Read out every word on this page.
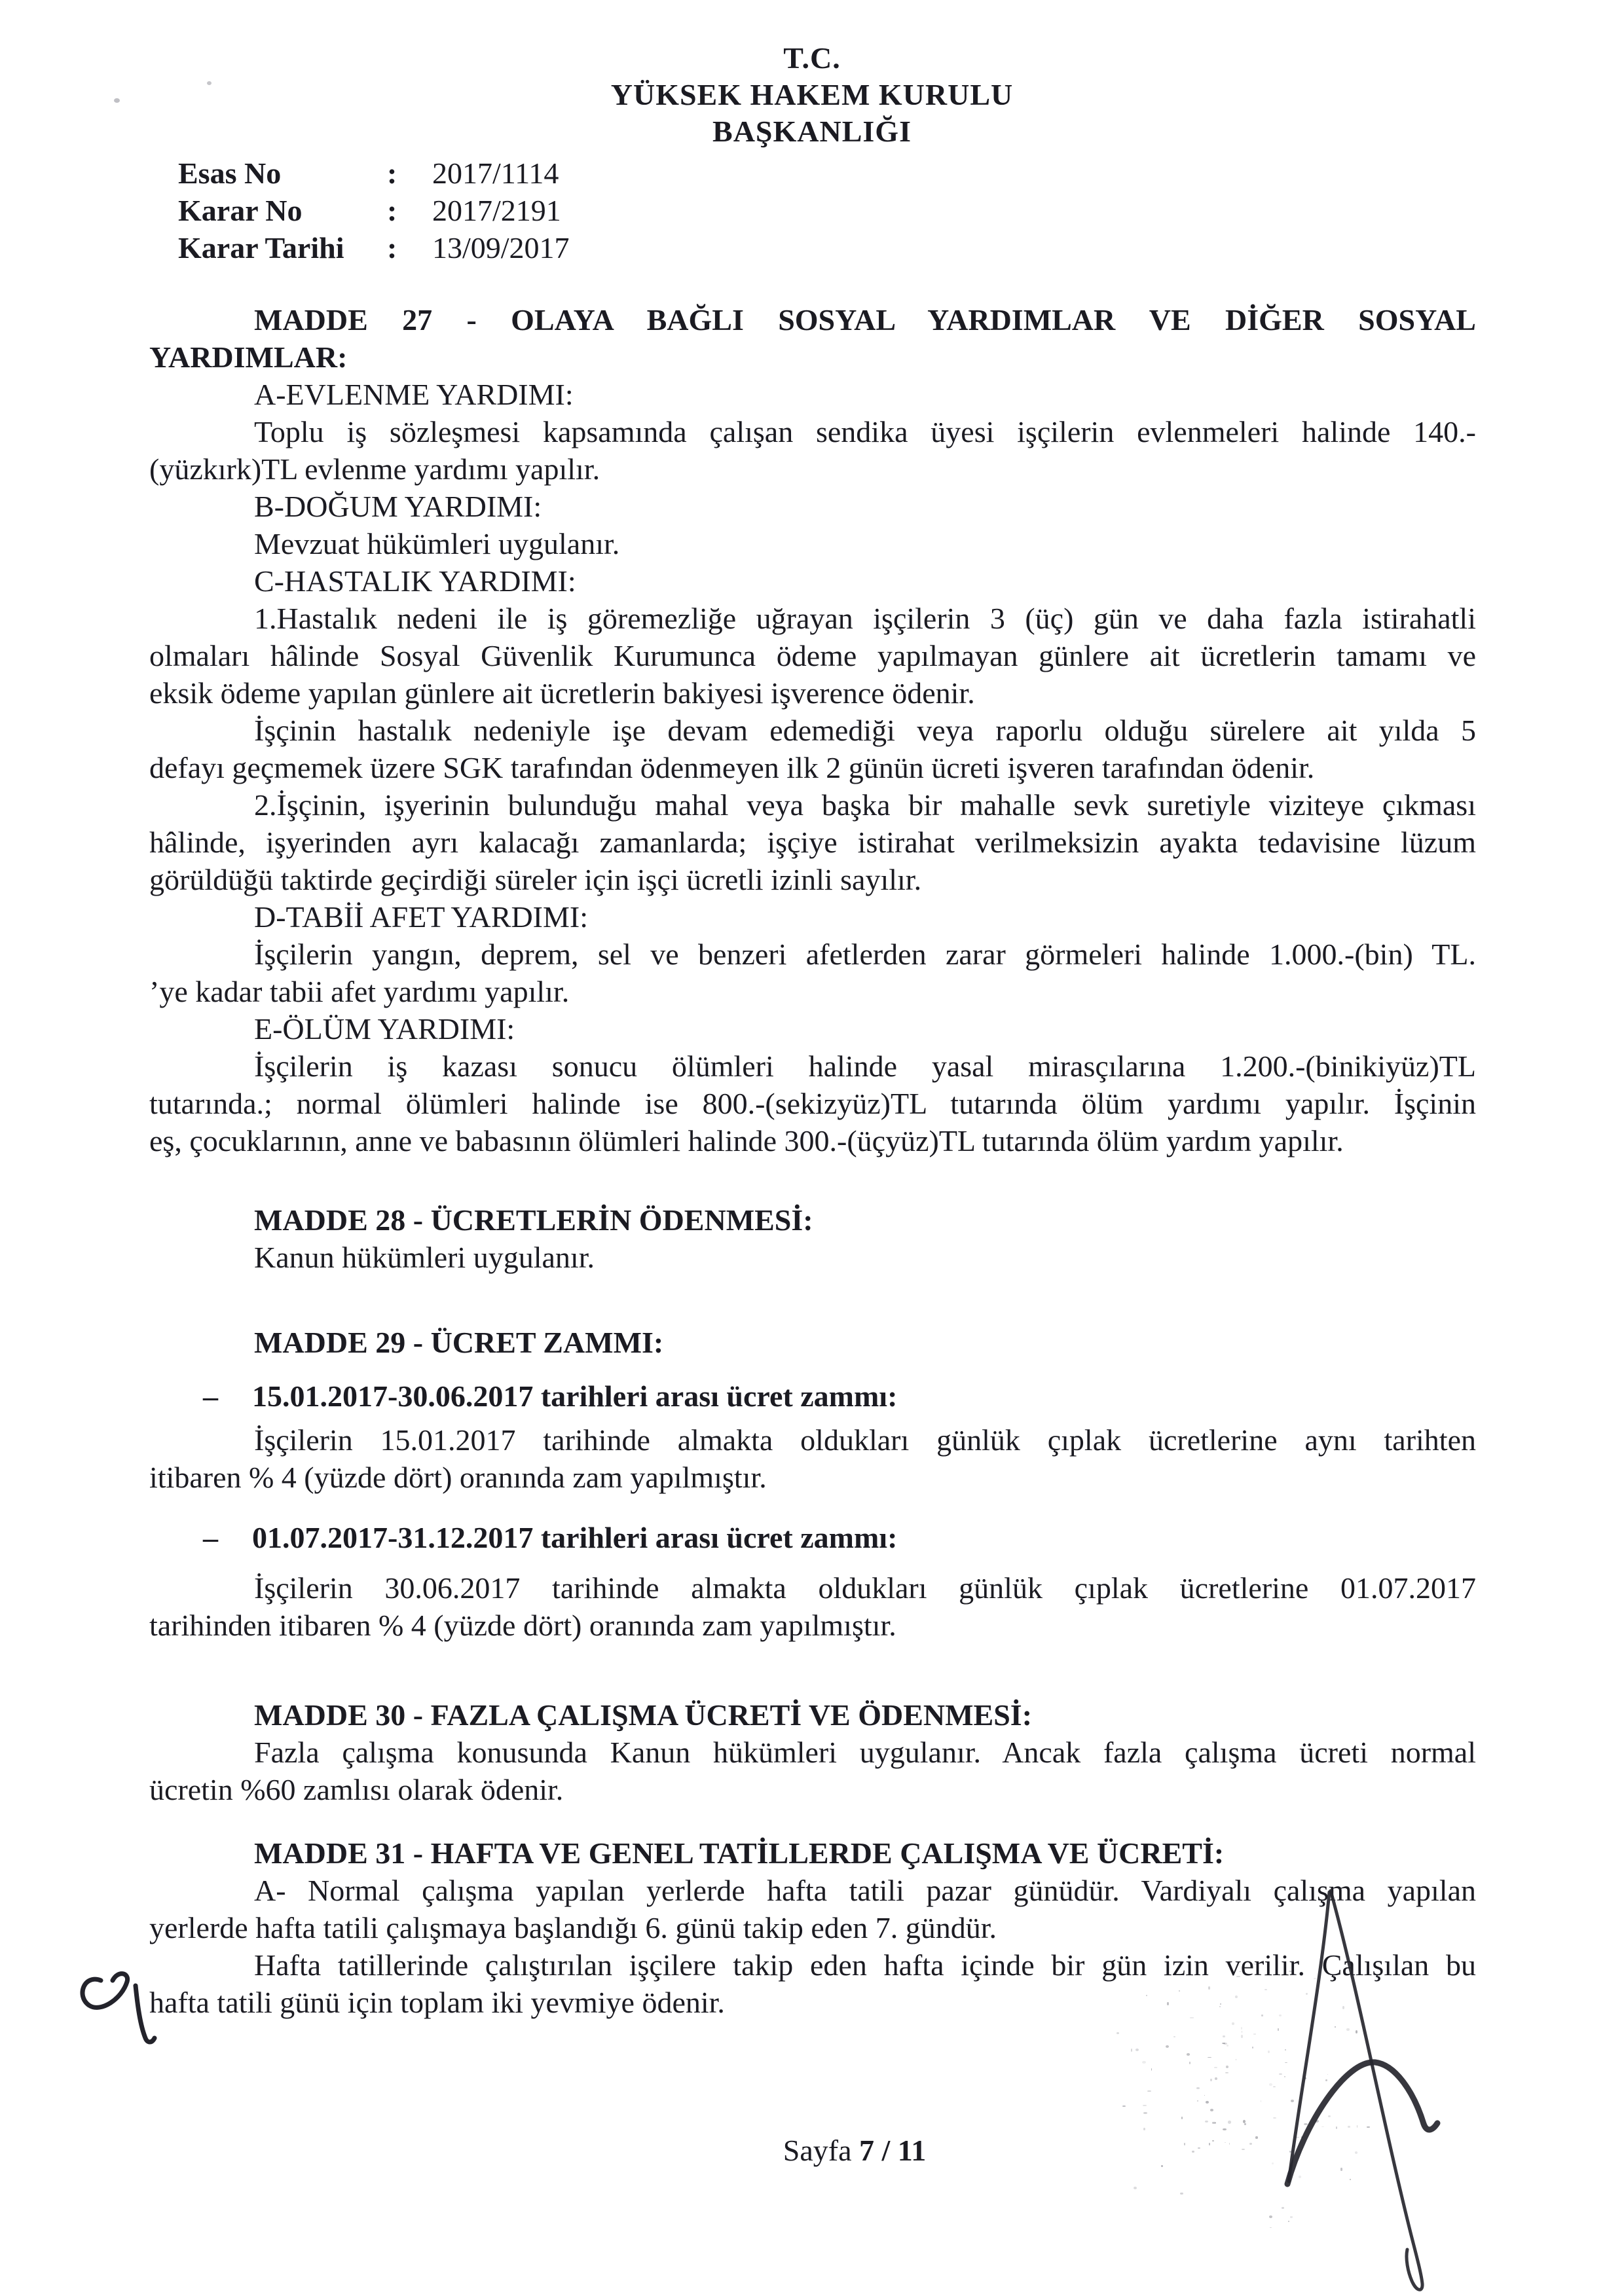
T.C.
YÜKSEK HAKEM KURULU
BAŞKANLIĞI
Esas No	: 2017/1114
Karar No	: 2017/2191
Karar Tarihi : 13/09/2017
MADDE 27 - OLAYA BAĞLI SOSYAL YARDIMLAR VE DİĞER SOSYAL
YARDIMLAR:
A-EVLENME YARDIMI:
Toplu iş sözleşmesi kapsamında çalışan sendika üyesi işçilerin evlenmeleri halinde 140.-
(yüzkırk)TL evlenme yardımı yapılır.
B-DOĞUM YARDIMI:
Mevzuat hükümleri uygulanır.
C-HASTALIK YARDIMI:
1.Hastalık nedeni ile iş göremezliğe uğrayan işçilerin 3 (üç) gün ve daha fazla istirahatli
olmaları hâlinde Sosyal Güvenlik Kurumunca ödeme yapılmayan günlere ait ücretlerin tamamı ve
eksik ödeme yapılan günlere ait ücretlerin bakiyesi işverence ödenir.
İşçinin hastalık nedeniyle işe devam edemediği veya raporlu olduğu sürelere ait yılda 5
defayı geçmemek üzere SGK tarafından ödenmeyen ilk 2 günün ücreti işveren tarafından ödenir.
2.İşçinin, işyerinin bulunduğu mahal veya başka bir mahalle sevk suretiyle viziteye çıkması
hâlinde, işyerinden ayrı kalacağı zamanlarda; işçiye istirahat verilmeksizin ayakta tedavisine lüzum
görüldüğü taktirde geçirdiği süreler için işçi ücretli izinli sayılır.
D-TABİİ AFET YARDIMI:
İşçilerin yangın, deprem, sel ve benzeri afetlerden zarar görmeleri halinde 1.000.-(bin) TL.
’ye kadar tabii afet yardımı yapılır.
E-ÖLÜM YARDIMI:
İşçilerin iş kazası sonucu ölümleri halinde yasal mirasçılarına 1.200.-(binikiyüz)TL
tutarında.; normal ölümleri halinde ise 800.-(sekizyüz)TL tutarında ölüm yardımı yapılır. İşçinin
eş, çocuklarının, anne ve babasının ölümleri halinde 300.-(üçyüz)TL tutarında ölüm yardım yapılır.
MADDE 28 - ÜCRETLERİN ÖDENMESİ:
Kanun hükümleri uygulanır.
MADDE 29 - ÜCRET ZAMMI:
– 15.01.2017-30.06.2017 tarihleri arası ücret zammı:
İşçilerin 15.01.2017 tarihinde almakta oldukları günlük çıplak ücretlerine aynı tarihten
itibaren % 4 (yüzde dört) oranında zam yapılmıştır.
– 01.07.2017-31.12.2017 tarihleri arası ücret zammı:
İşçilerin 30.06.2017 tarihinde almakta oldukları günlük çıplak ücretlerine 01.07.2017
tarihinden itibaren % 4 (yüzde dört) oranında zam yapılmıştır.
MADDE 30 - FAZLA ÇALIŞMA ÜCRETİ VE ÖDENMESİ:
Fazla çalışma konusunda Kanun hükümleri uygulanır. Ancak fazla çalışma ücreti normal
ücretin %60 zamlısı olarak ödenir.
MADDE 31 - HAFTA VE GENEL TATİLLERDE ÇALIŞMA VE ÜCRETİ:
A- Normal çalışma yapılan yerlerde hafta tatili pazar günüdür. Vardiyalı çalışma yapılan
yerlerde hafta tatili çalışmaya başlandığı 6. günü takip eden 7. gündür.
Hafta tatillerinde çalıştırılan işçilere takip eden hafta içinde bir gün izin verilir. Çalışılan bu
hafta tatili günü için toplam iki yevmiye ödenir.
Sayfa 7 / 11
